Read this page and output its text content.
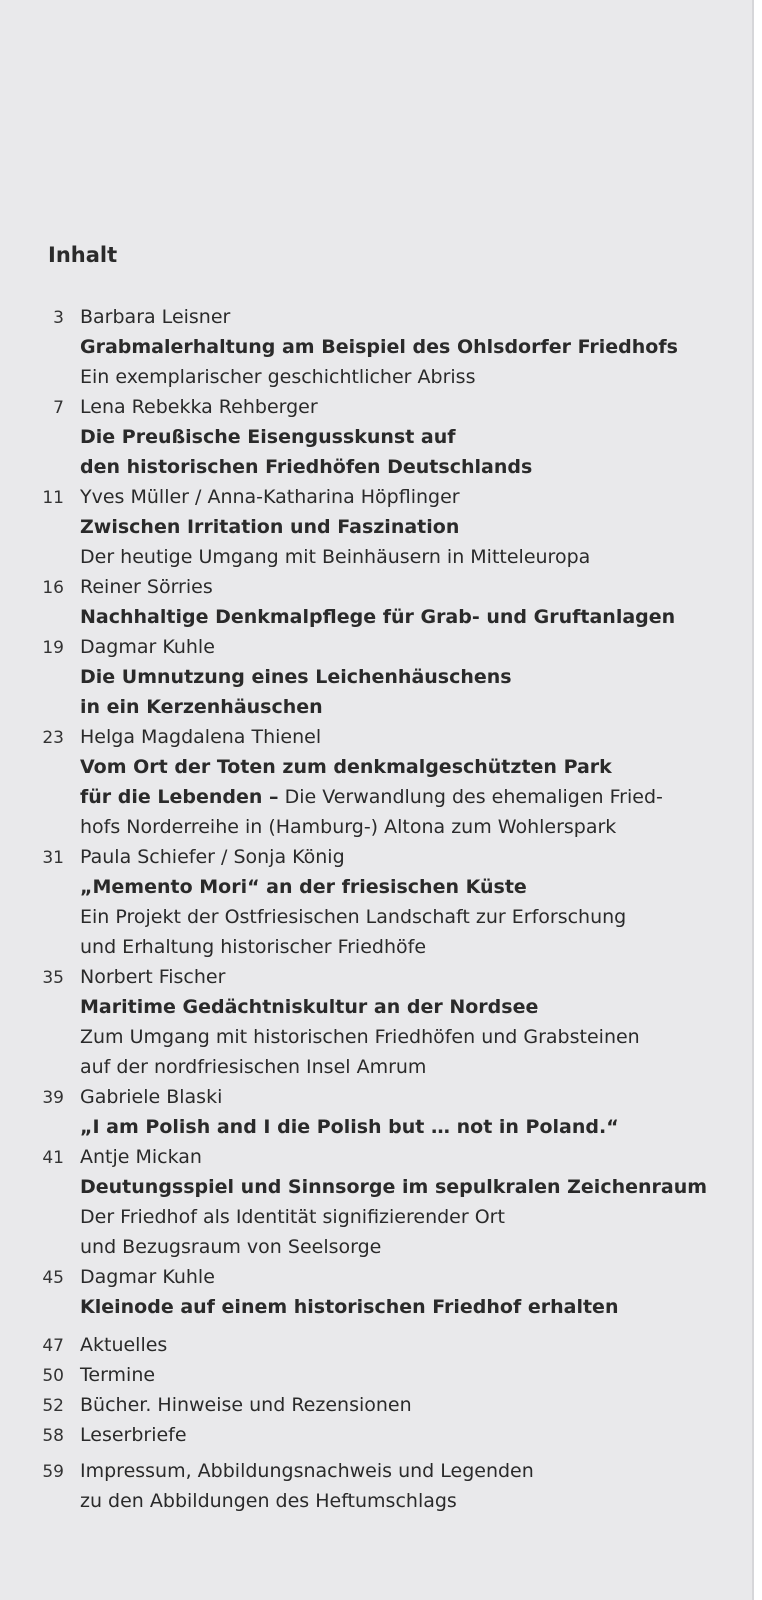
Inhalt
3 Barbara Leisner
Grabmalerhaltung am Beispiel des Ohlsdorfer Friedhofs
Ein exemplarischer geschichtlicher Abriss
7 Lena Rebekka Rehberger
Die Preußische Eisengusskunst auf
den historischen Friedhöfen Deutschlands
11 Yves Müller / Anna-Katharina Höpflinger
Zwischen Irritation und Faszination
Der heutige Umgang mit Beinhäusern in Mitteleuropa
16 Reiner Sörries
Nachhaltige Denkmalpflege für Grab- und Gruftanlagen
19 Dagmar Kuhle
Die Umnutzung eines Leichenhäuschens
in ein Kerzenhäuschen
23 Helga Magdalena Thienel
Vom Ort der Toten zum denkmalgeschützten Park
für die Lebenden – Die Verwandlung des ehemaligen Fried-
hofs Norderreihe in (Hamburg-) Altona zum Wohlerspark
31 Paula Schiefer / Sonja König
„Memento Mori“ an der friesischen Küste
Ein Projekt der Ostfriesischen Landschaft zur Erforschung
und Erhaltung historischer Friedhöfe
35 Norbert Fischer
Maritime Gedächtniskultur an der Nordsee
Zum Umgang mit historischen Friedhöfen und Grabsteinen
auf der nordfriesischen Insel Amrum
39 Gabriele Blaski
„I am Polish and I die Polish but … not in Poland.“
41 Antje Mickan
Deutungsspiel und Sinnsorge im sepulkralen Zeichenraum
Der Friedhof als Identität signifizierender Ort
und Bezugsraum von Seelsorge
45 Dagmar Kuhle
Kleinode auf einem historischen Friedhof erhalten
47 Aktuelles
50 Termine
52 Bücher. Hinweise und Rezensionen
58 Leserbriefe
59 Impressum, Abbildungsnachweis und Legenden
zu den Abbildungen des Heftumschlags
